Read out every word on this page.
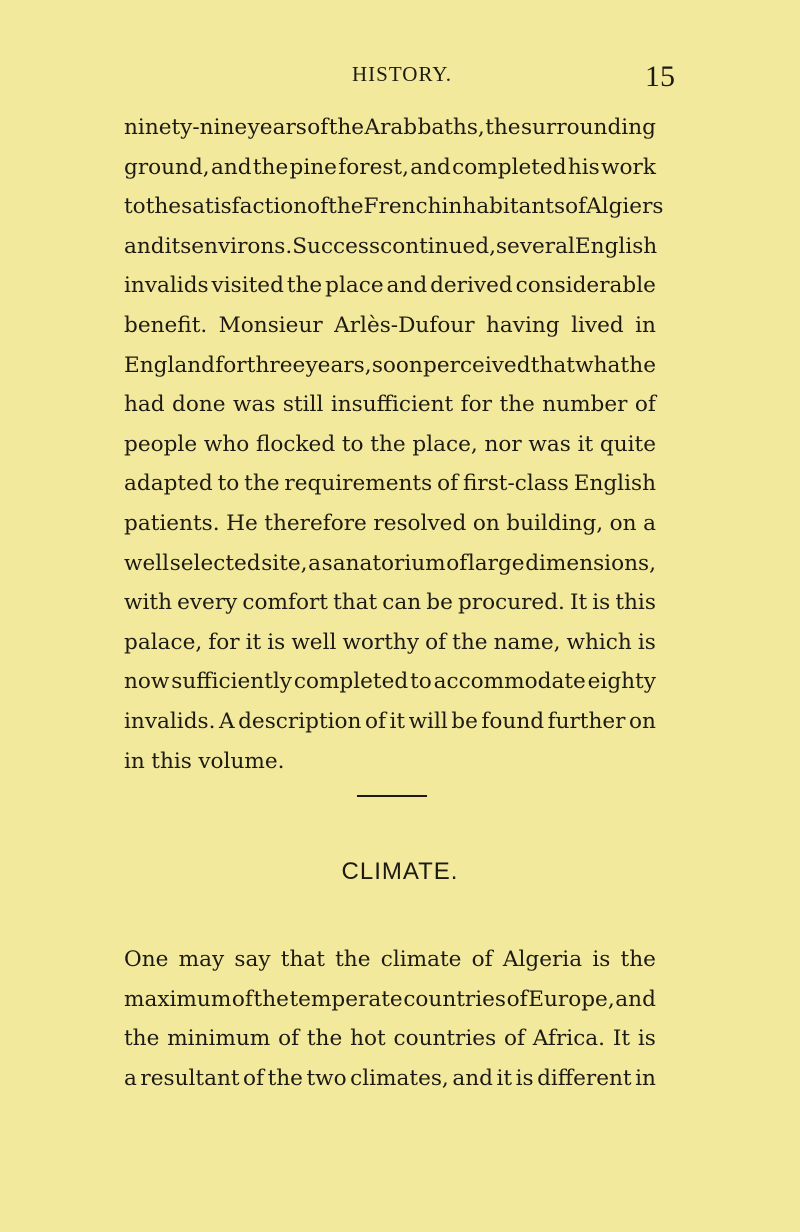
HISTORY.	15
ninety-nine years of the Arab baths, the surrounding
ground, and the pine forest, and completed his work
to the satisfaction of the French inhabitants of Algiers
and its environs. Success continued, several English
invalids visited the place and derived considerable
benefit. Monsieur Arlès-Dufour having lived in
England for three years, soon perceived that what he
had done was still insufficient for the number of
people who flocked to the place, nor was it quite
adapted to the requirements of first-class English
patients. He therefore resolved on building, on a
well selected site, a sanatorium of large dimensions,
with every comfort that can be procured. It is this
palace, for it is well worthy of the name, which is
now sufficiently completed to accommodate eighty
invalids. A description of it will be found further on
in this volume.
CLIMATE.
One may say that the climate of Algeria is the
maximum of the temperate countries of Europe, and
the minimum of the hot countries of Africa. It is
a resultant of the two climates, and it is different in
